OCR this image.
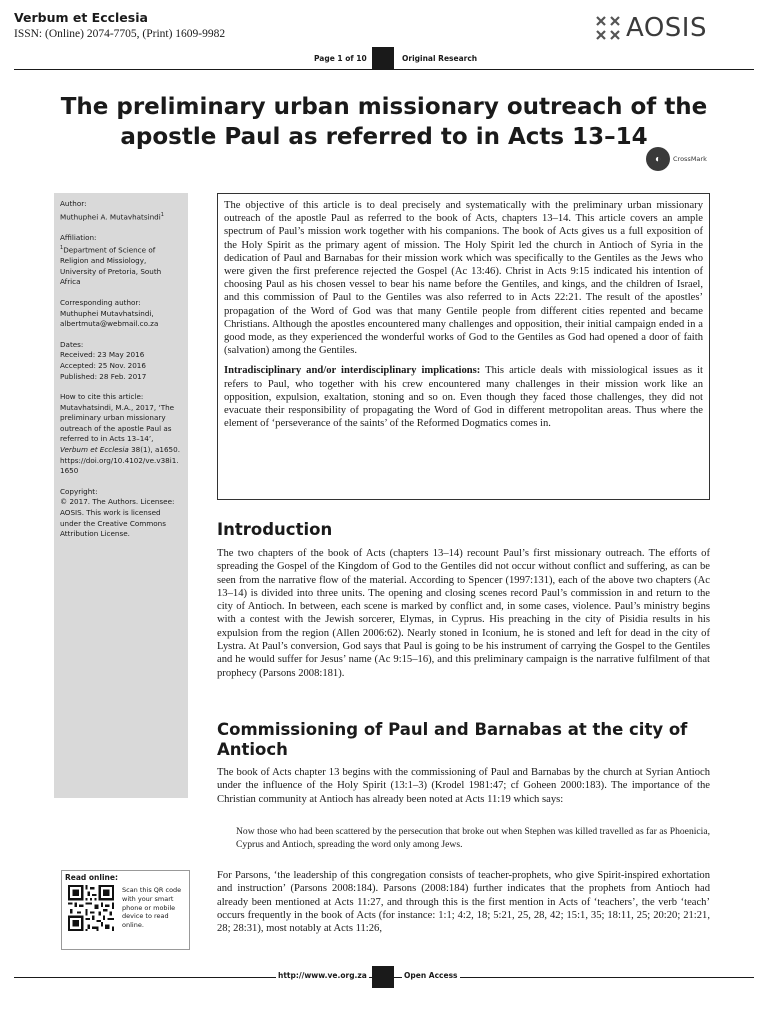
Verbum et Ecclesia
ISSN: (Online) 2074-7705, (Print) 1609-9982	AOSIS
Page 1 of 10	Original Research
The preliminary urban missionary outreach of the apostle Paul as referred to in Acts 13–14
◐	CrossMark
Author:
Muthuphei A. Mutavhatsindi$^1$
Affiliation:
$^1$Department of Science of Religion and Missiology, University of Pretoria, South Africa
Corresponding author:
Muthuphei Mutavhatsindi,
albertmuta@webmail.co.za
Dates:
Received: 23 May 2016
Accepted: 25 Nov. 2016
Published: 28 Feb. 2017
How to cite this article:
Mutavhatsindi, M.A., 2017, ‘The preliminary urban missionary outreach of the apostle Paul as referred to in Acts 13–14’, Verbum et Ecclesia 38(1), a1650. https://doi.org/10.4102/ve.v38i1.1650
Copyright:
© 2017. The Authors. Licensee: AOSIS. This work is licensed under the Creative Commons Attribution License.
Read online:
Scan this QR code with your smart phone or mobile device to read online.

The objective of this article is to deal precisely and systematically with the preliminary urban missionary outreach of the apostle Paul as referred to the book of Acts, chapters 13–14. This article covers an ample spectrum of Paul’s mission work together with his companions. The book of Acts gives us a full exposition of the Holy Spirit as the primary agent of mission. The Holy Spirit led the church in Antioch of Syria in the dedication of Paul and Barnabas for their mission work which was specifically to the Gentiles as the Jews who were given the first preference rejected the Gospel (Ac 13:46). Christ in Acts 9:15 indicated his intention of choosing Paul as his chosen vessel to bear his name before the Gentiles, and kings, and the children of Israel, and this commission of Paul to the Gentiles was also referred to in Acts 22:21. The result of the apostles’ propagation of the Word of God was that many Gentile people from different cities repented and became Christians. Although the apostles encountered many challenges and opposition, their initial campaign ended in a good mode, as they experienced the wonderful works of God to the Gentiles as God had opened a door of faith (salvation) among the Gentiles.

Intradisciplinary and/or interdisciplinary implications: This article deals with missiological issues as it refers to Paul, who together with his crew encountered many challenges in their mission work like an opposition, expulsion, exaltation, stoning and so on. Even though they faced those challenges, they did not evacuate their responsibility of propagating the Word of God in different metropolitan areas. Thus where the element of ‘perseverance of the saints’ of the Reformed Dogmatics comes in.

Introduction

The two chapters of the book of Acts (chapters 13–14) recount Paul’s first missionary outreach. The efforts of spreading the Gospel of the Kingdom of God to the Gentiles did not occur without conflict and suffering, as can be seen from the narrative flow of the material. According to Spencer (1997:131), each of the above two chapters (Ac 13–14) is divided into three units. The opening and closing scenes record Paul’s commission in and return to the city of Antioch. In between, each scene is marked by conflict and, in some cases, violence. Paul’s ministry begins with a contest with the Jewish sorcerer, Elymas, in Cyprus. His preaching in the city of Pisidia results in his expulsion from the region (Allen 2006:62). Nearly stoned in Iconium, he is stoned and left for dead in the city of Lystra. At Paul’s conversion, God says that Paul is going to be his instrument of carrying the Gospel to the Gentiles and he would suffer for Jesus’ name (Ac 9:15–16), and this preliminary campaign is the narrative fulfilment of that prophecy (Parsons 2008:181).

Commissioning of Paul and Barnabas at the city of Antioch

The book of Acts chapter 13 begins with the commissioning of Paul and Barnabas by the church at Syrian Antioch under the influence of the Holy Spirit (13:1–3) (Krodel 1981:47; cf Goheen 2000:183). The importance of the Christian community at Antioch has already been noted at Acts 11:19 which says:

Now those who had been scattered by the persecution that broke out when Stephen was killed travelled as far as Phoenicia, Cyprus and Antioch, spreading the word only among Jews.

For Parsons, ‘the leadership of this congregation consists of teacher-prophets, who give Spirit-inspired exhortation and instruction’ (Parsons 2008:184). Parsons (2008:184) further indicates that the prophets from Antioch had already been mentioned at Acts 11:27, and through this is the first mention in Acts of ‘teachers’, the verb ‘teach’ occurs frequently in the book of Acts (for instance: 1:1; 4:2, 18; 5:21, 25, 28, 42; 15:1, 35; 18:11, 25; 20:20; 21:21, 28; 28:31), most notably at Acts 11:26,

http://www.ve.org.za	Open Access
